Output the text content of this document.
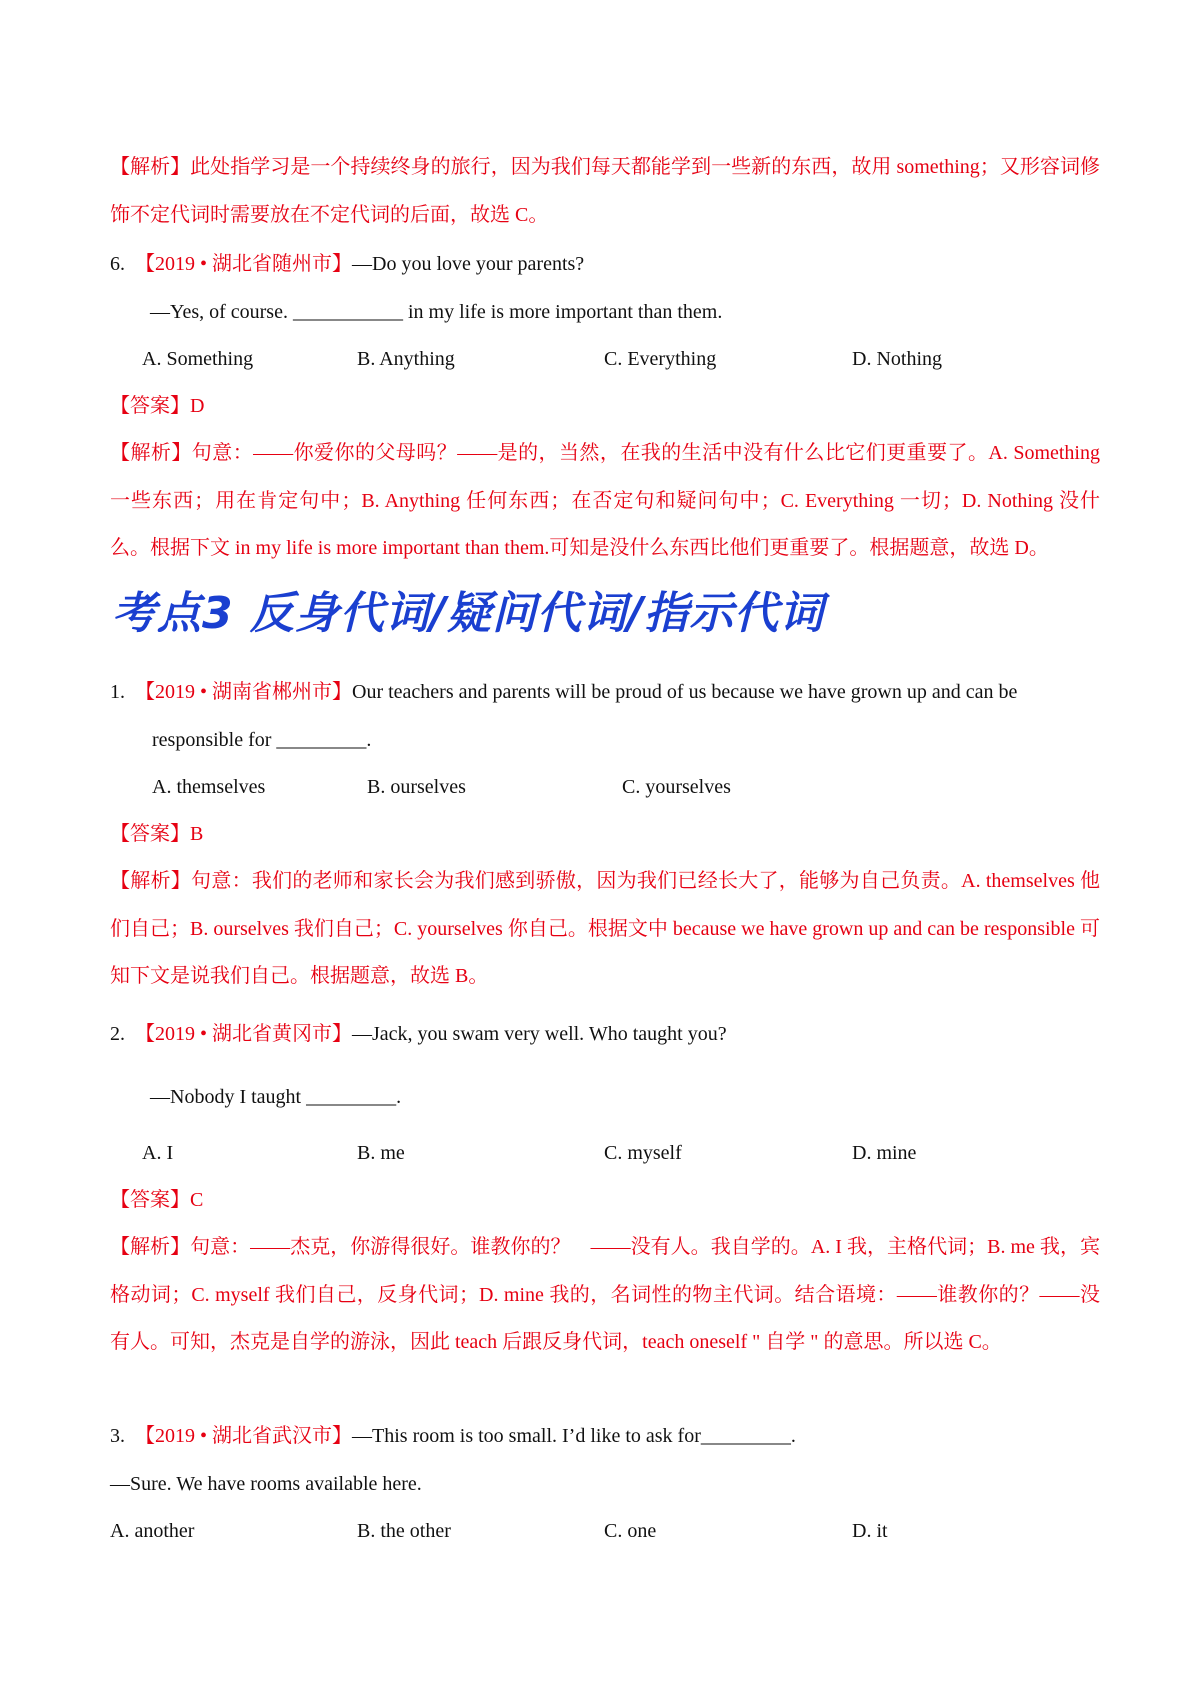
【解析】此处指学习是一个持续终身的旅行，因为我们每天都能学到一些新的东西，故用 something；又形容词修饰不定代词时需要放在不定代词的后面，故选 C。
6. 【2019 • 湖北省随州市】—Do you love your parents?
—Yes, of course. ___________ in my life is more important than them.
A. Something	B. Anything	C. Everything	D. Nothing
【答案】D
【解析】句意：——你爱你的父母吗？——是的，当然，在我的生活中没有什么比它们更重要了。A. Something 一些东西；用在肯定句中；B. Anything 任何东西；在否定句和疑问句中；C. Everything 一切；D. Nothing 没什么。根据下文 in my life is more important than them.可知是没什么东西比他们更重要了。根据题意，故选 D。
考点3 反身代词/疑问代词/指示代词
1. 【2019 • 湖南省郴州市】Our teachers and parents will be proud of us because we have grown up and can be
responsible for _________.
A. themselves	B. ourselves	C. yourselves
【答案】B
【解析】句意：我们的老师和家长会为我们感到骄傲，因为我们已经长大了，能够为自己负责。A. themselves 他们自己；B. ourselves 我们自己；C. yourselves 你自己。根据文中 because we have grown up and can be responsible 可知下文是说我们自己。根据题意，故选 B。
2. 【2019 • 湖北省黄冈市】—Jack, you swam very well. Who taught you?
—Nobody I taught _________.
A. I	B. me	C. myself	D. mine
【答案】C
【解析】句意：——杰克，你游得很好。谁教你的？　——没有人。我自学的。A. I 我，主格代词；B. me 我，宾格动词；C. myself 我们自己，反身代词；D. mine 我的，名词性的物主代词。结合语境：——谁教你的？——没有人。可知，杰克是自学的游泳，因此 teach 后跟反身代词，teach oneself " 自学 " 的意思。所以选 C。
3. 【2019 • 湖北省武汉市】—This room is too small. I’d like to ask for_________.
—Sure. We have rooms available here.
A. another	B. the other	C. one	D. it
